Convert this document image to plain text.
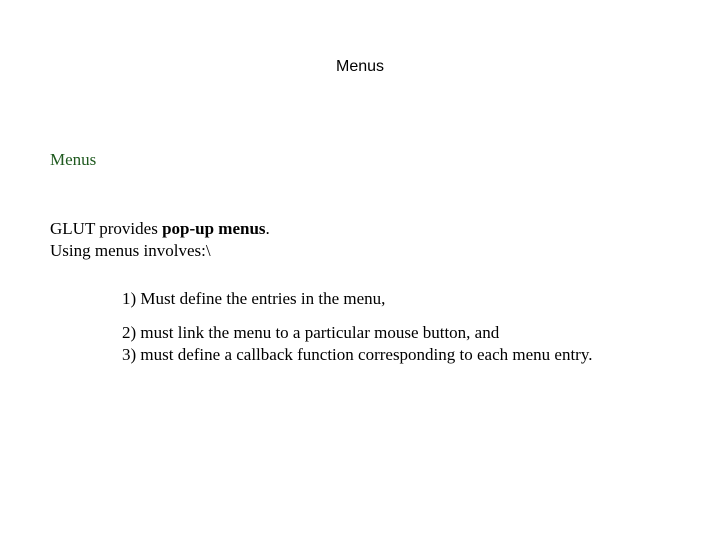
Menus
Menus
GLUT provides pop-up menus.
Using menus involves:\
1) Must define the entries in the menu,
2) must link the menu to a particular mouse button, and
3) must define a callback function corresponding to each menu entry.
